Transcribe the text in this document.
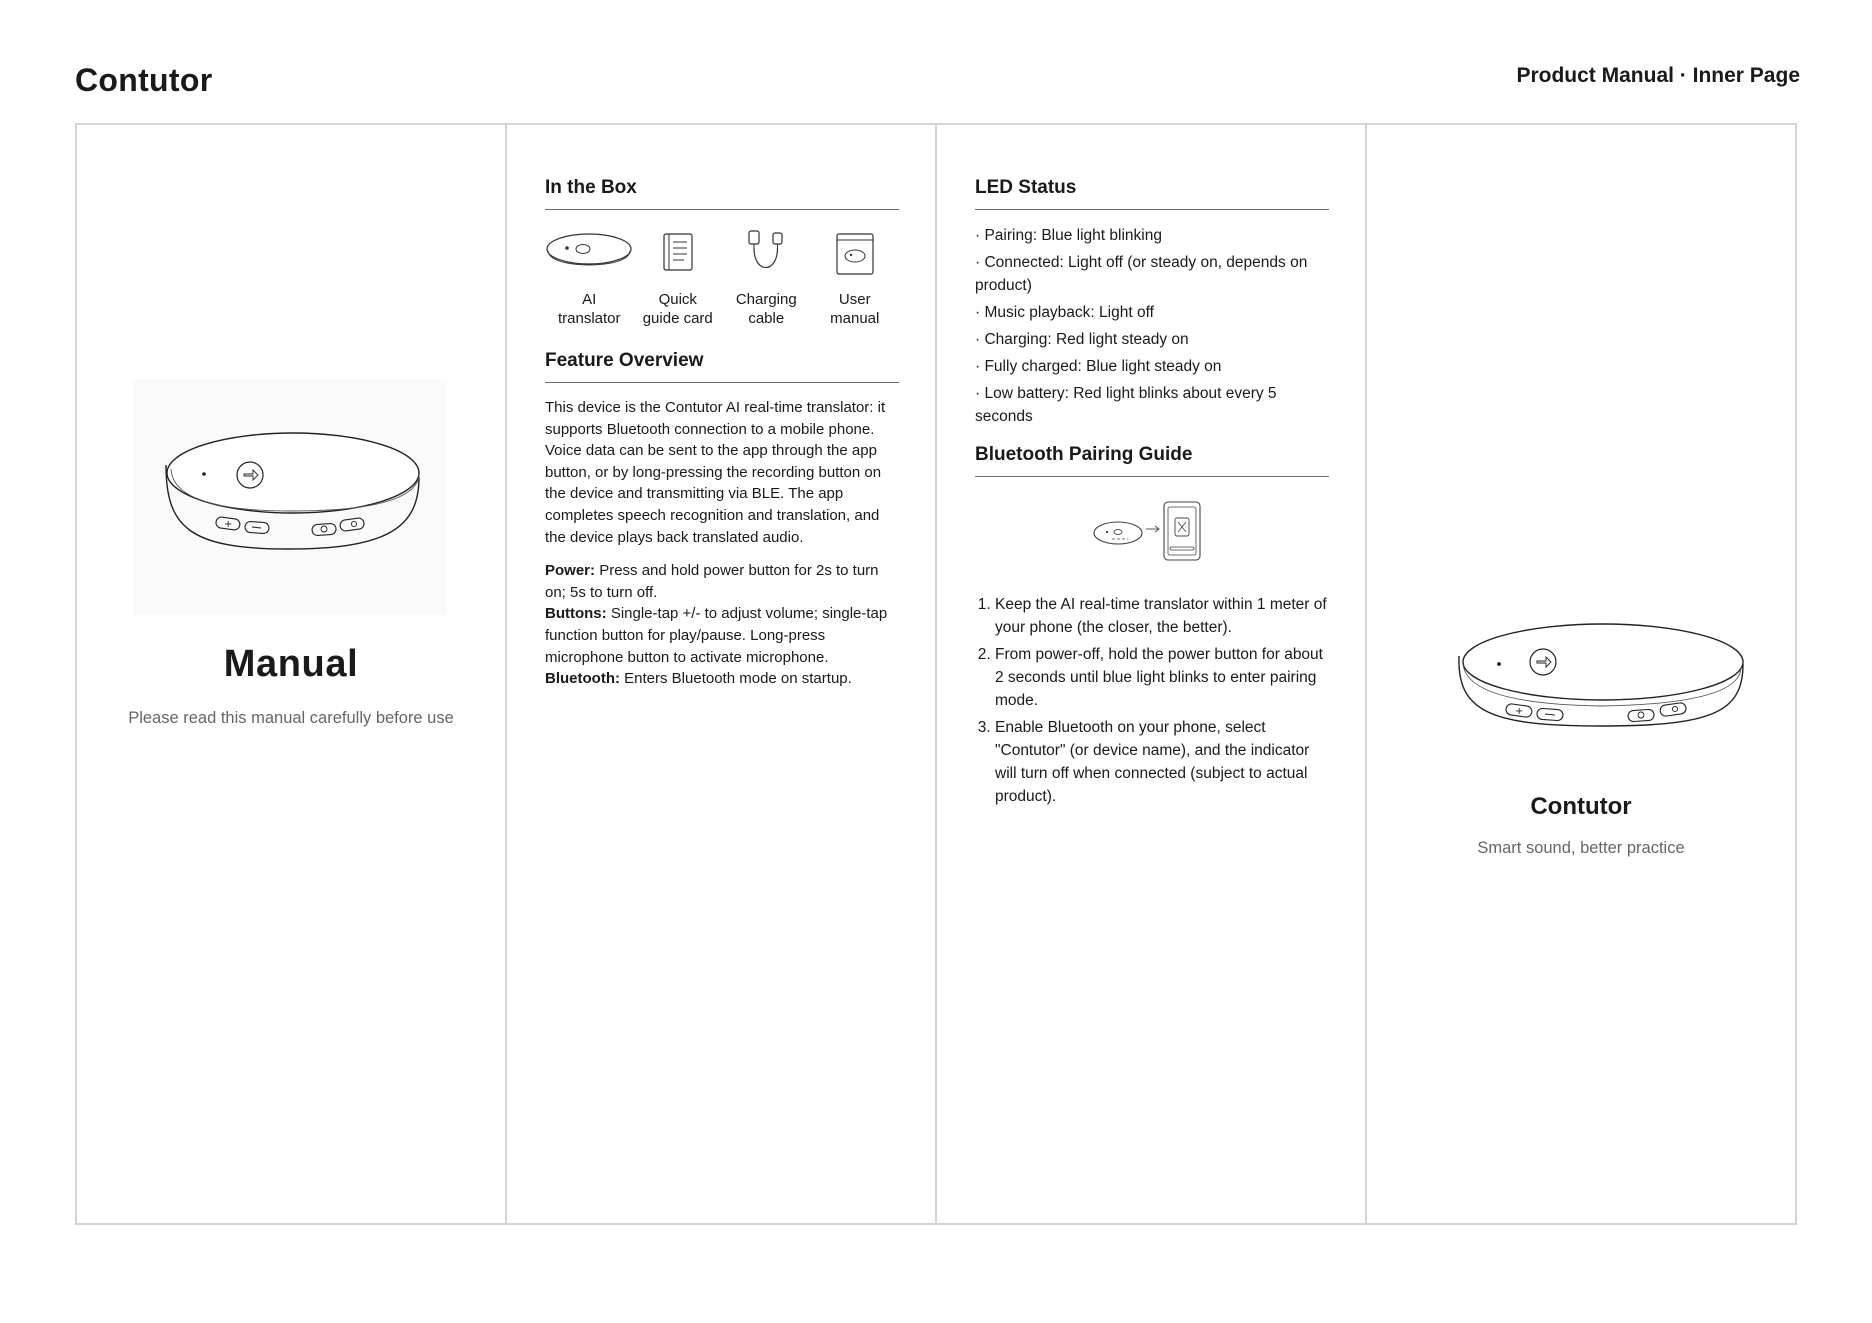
Contutor	Product Manual · Inner Page
+
Manual
Please read this manual carefully before use
In the Box
AI
translator
Quick
guide card
Charging
cable
User
manual
Feature Overview

This device is the Contutor AI real-time translator: it supports Bluetooth connection to a mobile phone. Voice data can be sent to the app through the app button, or by long-pressing the recording button on the device and transmitting via BLE. The app completes speech recognition and translation, and the device plays back translated audio.

Power: Press and hold power button for 2s to turn on; 5s to turn off.

Buttons: Single-tap +/- to adjust volume; single-tap function button for play/pause. Long-press microphone button to activate microphone.

Bluetooth: Enters Bluetooth mode on startup.

LED Status
· Pairing: Blue light blinking
· Connected: Light off (or steady on, depends on product)
· Music playback: Light off
· Charging: Red light steady on
· Fully charged: Blue light steady on
· Low battery: Red light blinks about every 5 seconds
Bluetooth Pairing Guide
1. Keep the AI real-time translator within 1 meter of your phone (the closer, the better).
2. From power-off, hold the power button for about 2 seconds until blue light blinks to enter pairing mode.
3. Enable Bluetooth on your phone, select "Contutor" (or device name), and the indicator will turn off when connected (subject to actual product).
+
Contutor
Smart sound, better practice
